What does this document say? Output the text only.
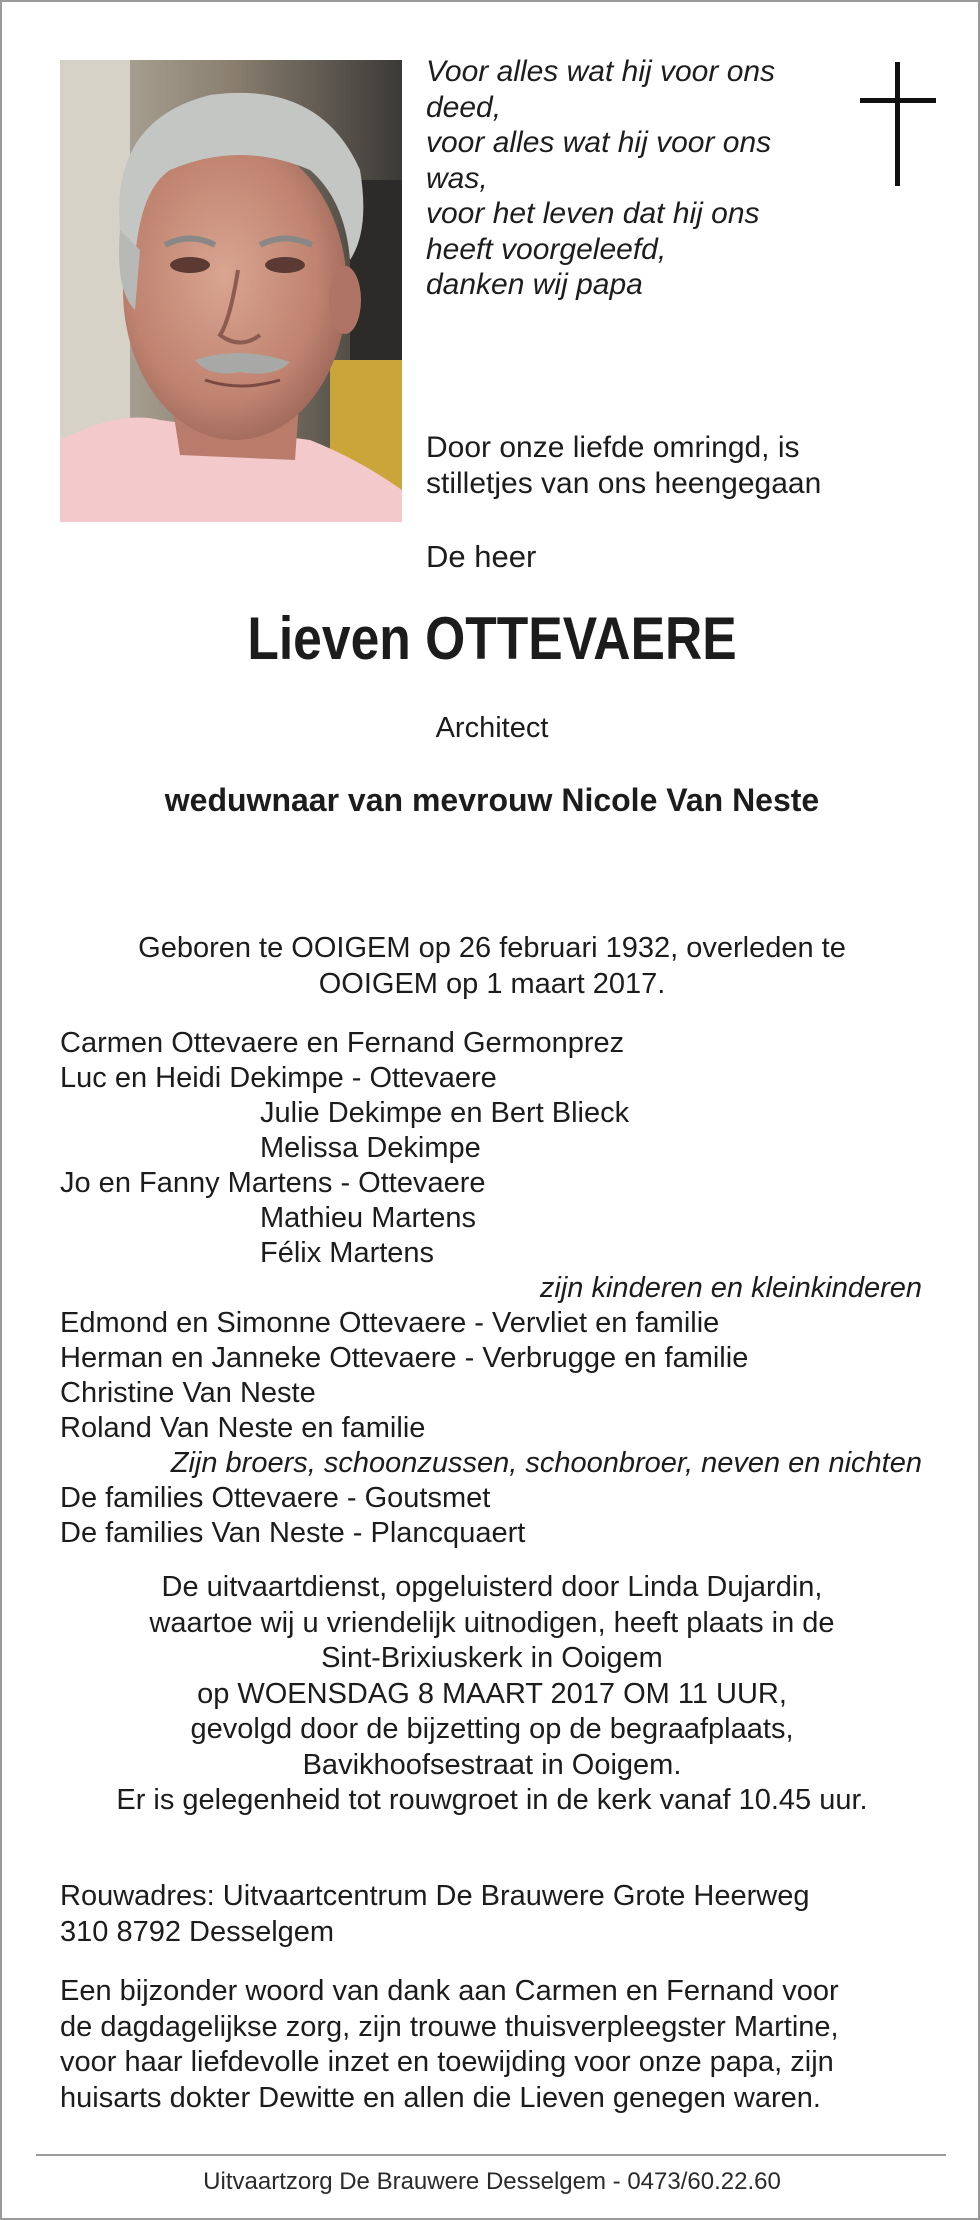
Voor alles wat hij voor ons
deed,
voor alles wat hij voor ons
was,
voor het leven dat hij ons
heeft voorgeleefd,
danken wij papa
Door onze liefde omringd, is
stilletjes van ons heengegaan
De heer
Lieven OTTEVAERE
Architect
weduwnaar van mevrouw Nicole Van Neste
Geboren te OOIGEM op 26 februari 1932, overleden te
OOIGEM op 1 maart 2017.
Carmen Ottevaere en Fernand Germonprez
Luc en Heidi Dekimpe - Ottevaere
Julie Dekimpe en Bert Blieck
Melissa Dekimpe
Jo en Fanny Martens - Ottevaere
Mathieu Martens
Félix Martens
zijn kinderen en kleinkinderen
Edmond en Simonne Ottevaere - Vervliet en familie
Herman en Janneke Ottevaere - Verbrugge en familie
Christine Van Neste
Roland Van Neste en familie
Zijn broers, schoonzussen, schoonbroer, neven en nichten
De families Ottevaere - Goutsmet
De families Van Neste - Plancquaert
De uitvaartdienst, opgeluisterd door Linda Dujardin,
waartoe wij u vriendelijk uitnodigen, heeft plaats in de
Sint-Brixiuskerk in Ooigem
op WOENSDAG 8 MAART 2017 OM 11 UUR,
gevolgd door de bijzetting op de begraafplaats,
Bavikhoofsestraat in Ooigem.
Er is gelegenheid tot rouwgroet in de kerk vanaf 10.45 uur.
Rouwadres: Uitvaartcentrum De Brauwere Grote Heerweg
310 8792 Desselgem
Een bijzonder woord van dank aan Carmen en Fernand voor
de dagdagelijkse zorg, zijn trouwe thuisverpleegster Martine,
voor haar liefdevolle inzet en toewijding voor onze papa, zijn
huisarts dokter Dewitte en allen die Lieven genegen waren.
Uitvaartzorg De Brauwere Desselgem - 0473/60.22.60
